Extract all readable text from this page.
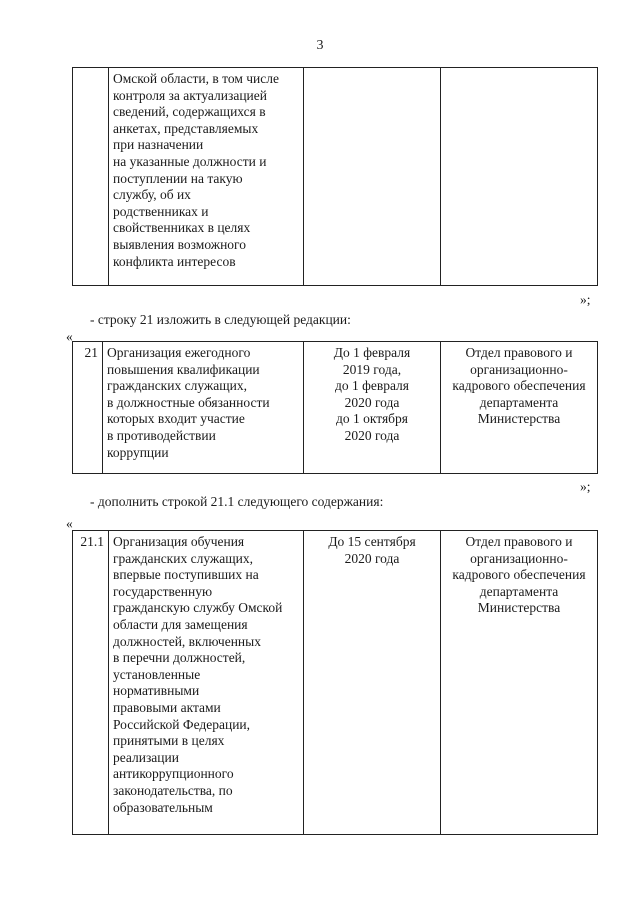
3
	Омской области, в том числе
контроля за актуализацией
сведений, содержащихся в
анкетах, представляемых
при назначении
на указанные должности и
поступлении на такую
службу, об их
родственниках и
свойственниках в целях
выявления возможного
конфликта интересов		
»;
- строку 21 изложить в следующей редакции:
«
21	Организация ежегодного
повышения квалификации
гражданских служащих,
в должностные обязанности
которых входит участие
в противодействии
коррупции	До 1 февраля
2019 года,
до 1 февраля
2020 года
до 1 октября
2020 года	Отдел правового и
организационно-
кадрового обеспечения
департамента
Министерства
»;
- дополнить строкой 21.1 следующего содержания:
«
21.1	Организация обучения
гражданских служащих,
впервые поступивших на
государственную
гражданскую службу Омской
области для замещения
должностей, включенных
в перечни должностей,
установленные
нормативными
правовыми актами
Российской Федерации,
принятыми в целях
реализации
антикоррупционного
законодательства, по
образовательным	До 15 сентября
2020 года	Отдел правового и
организационно-
кадрового обеспечения
департамента
Министерства
